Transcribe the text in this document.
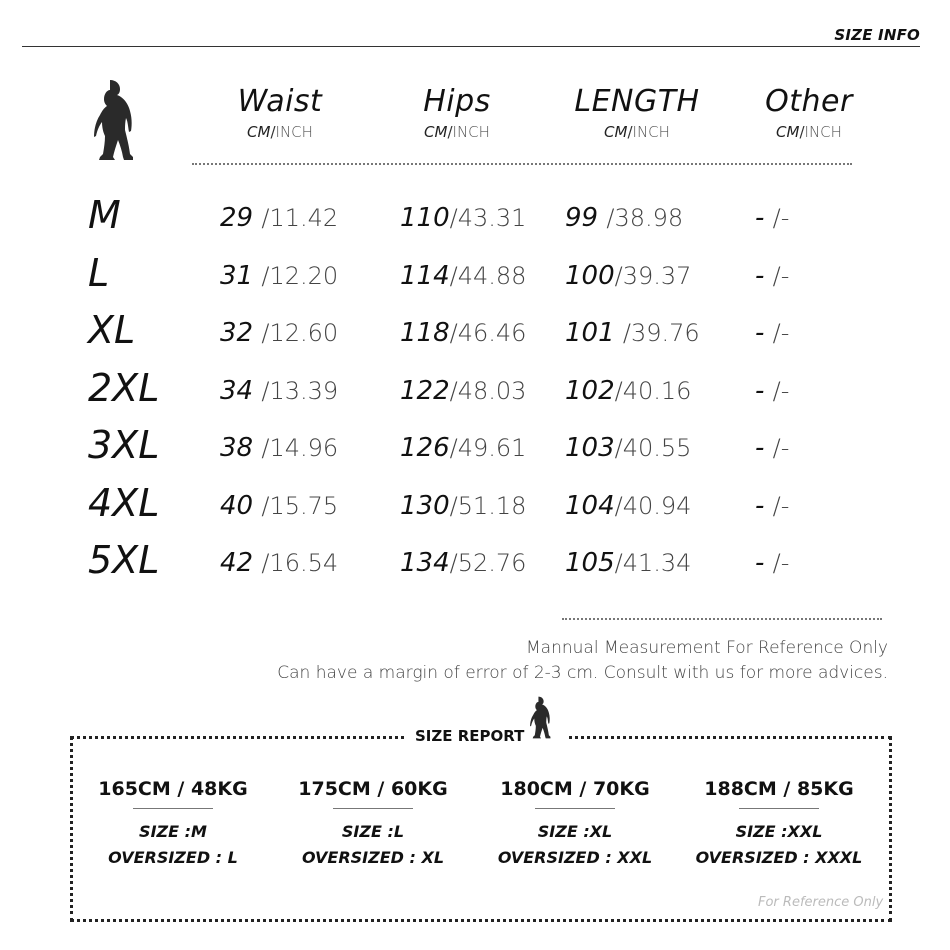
SIZE INFO
Waist
CM/INCH
Hips
CM/INCH
LENGTH
CM/INCH
Other
CM/INCH
M	29 /11.42 110/43.31 99 /38.98	- /-
L	31 /12.20 114/44.88 100/39.37 - /-
XL	32 /12.60 118/46.46 101 /39.76 - /-
2XL 34 /13.39 122/48.03 102/40.16 - /-
3XL 38 /14.96 126/49.61 103/40.55 - /-
4XL 40 /15.75 130/51.18 104/40.94 - /-
5XL 42 /16.54 134/52.76 105/41.34 - /-
Mannual Measurement For Reference Only
Can have a margin of error of 2-3 cm. Consult with us for more advices.
SIZE REPORT
165CM / 48KG
SIZE :M
OVERSIZED : L
175CM / 60KG
SIZE :L
OVERSIZED : XL
180CM / 70KG
SIZE :XL
OVERSIZED : XXL
188CM / 85KG
SIZE :XXL
OVERSIZED : XXXL
For Reference Only
